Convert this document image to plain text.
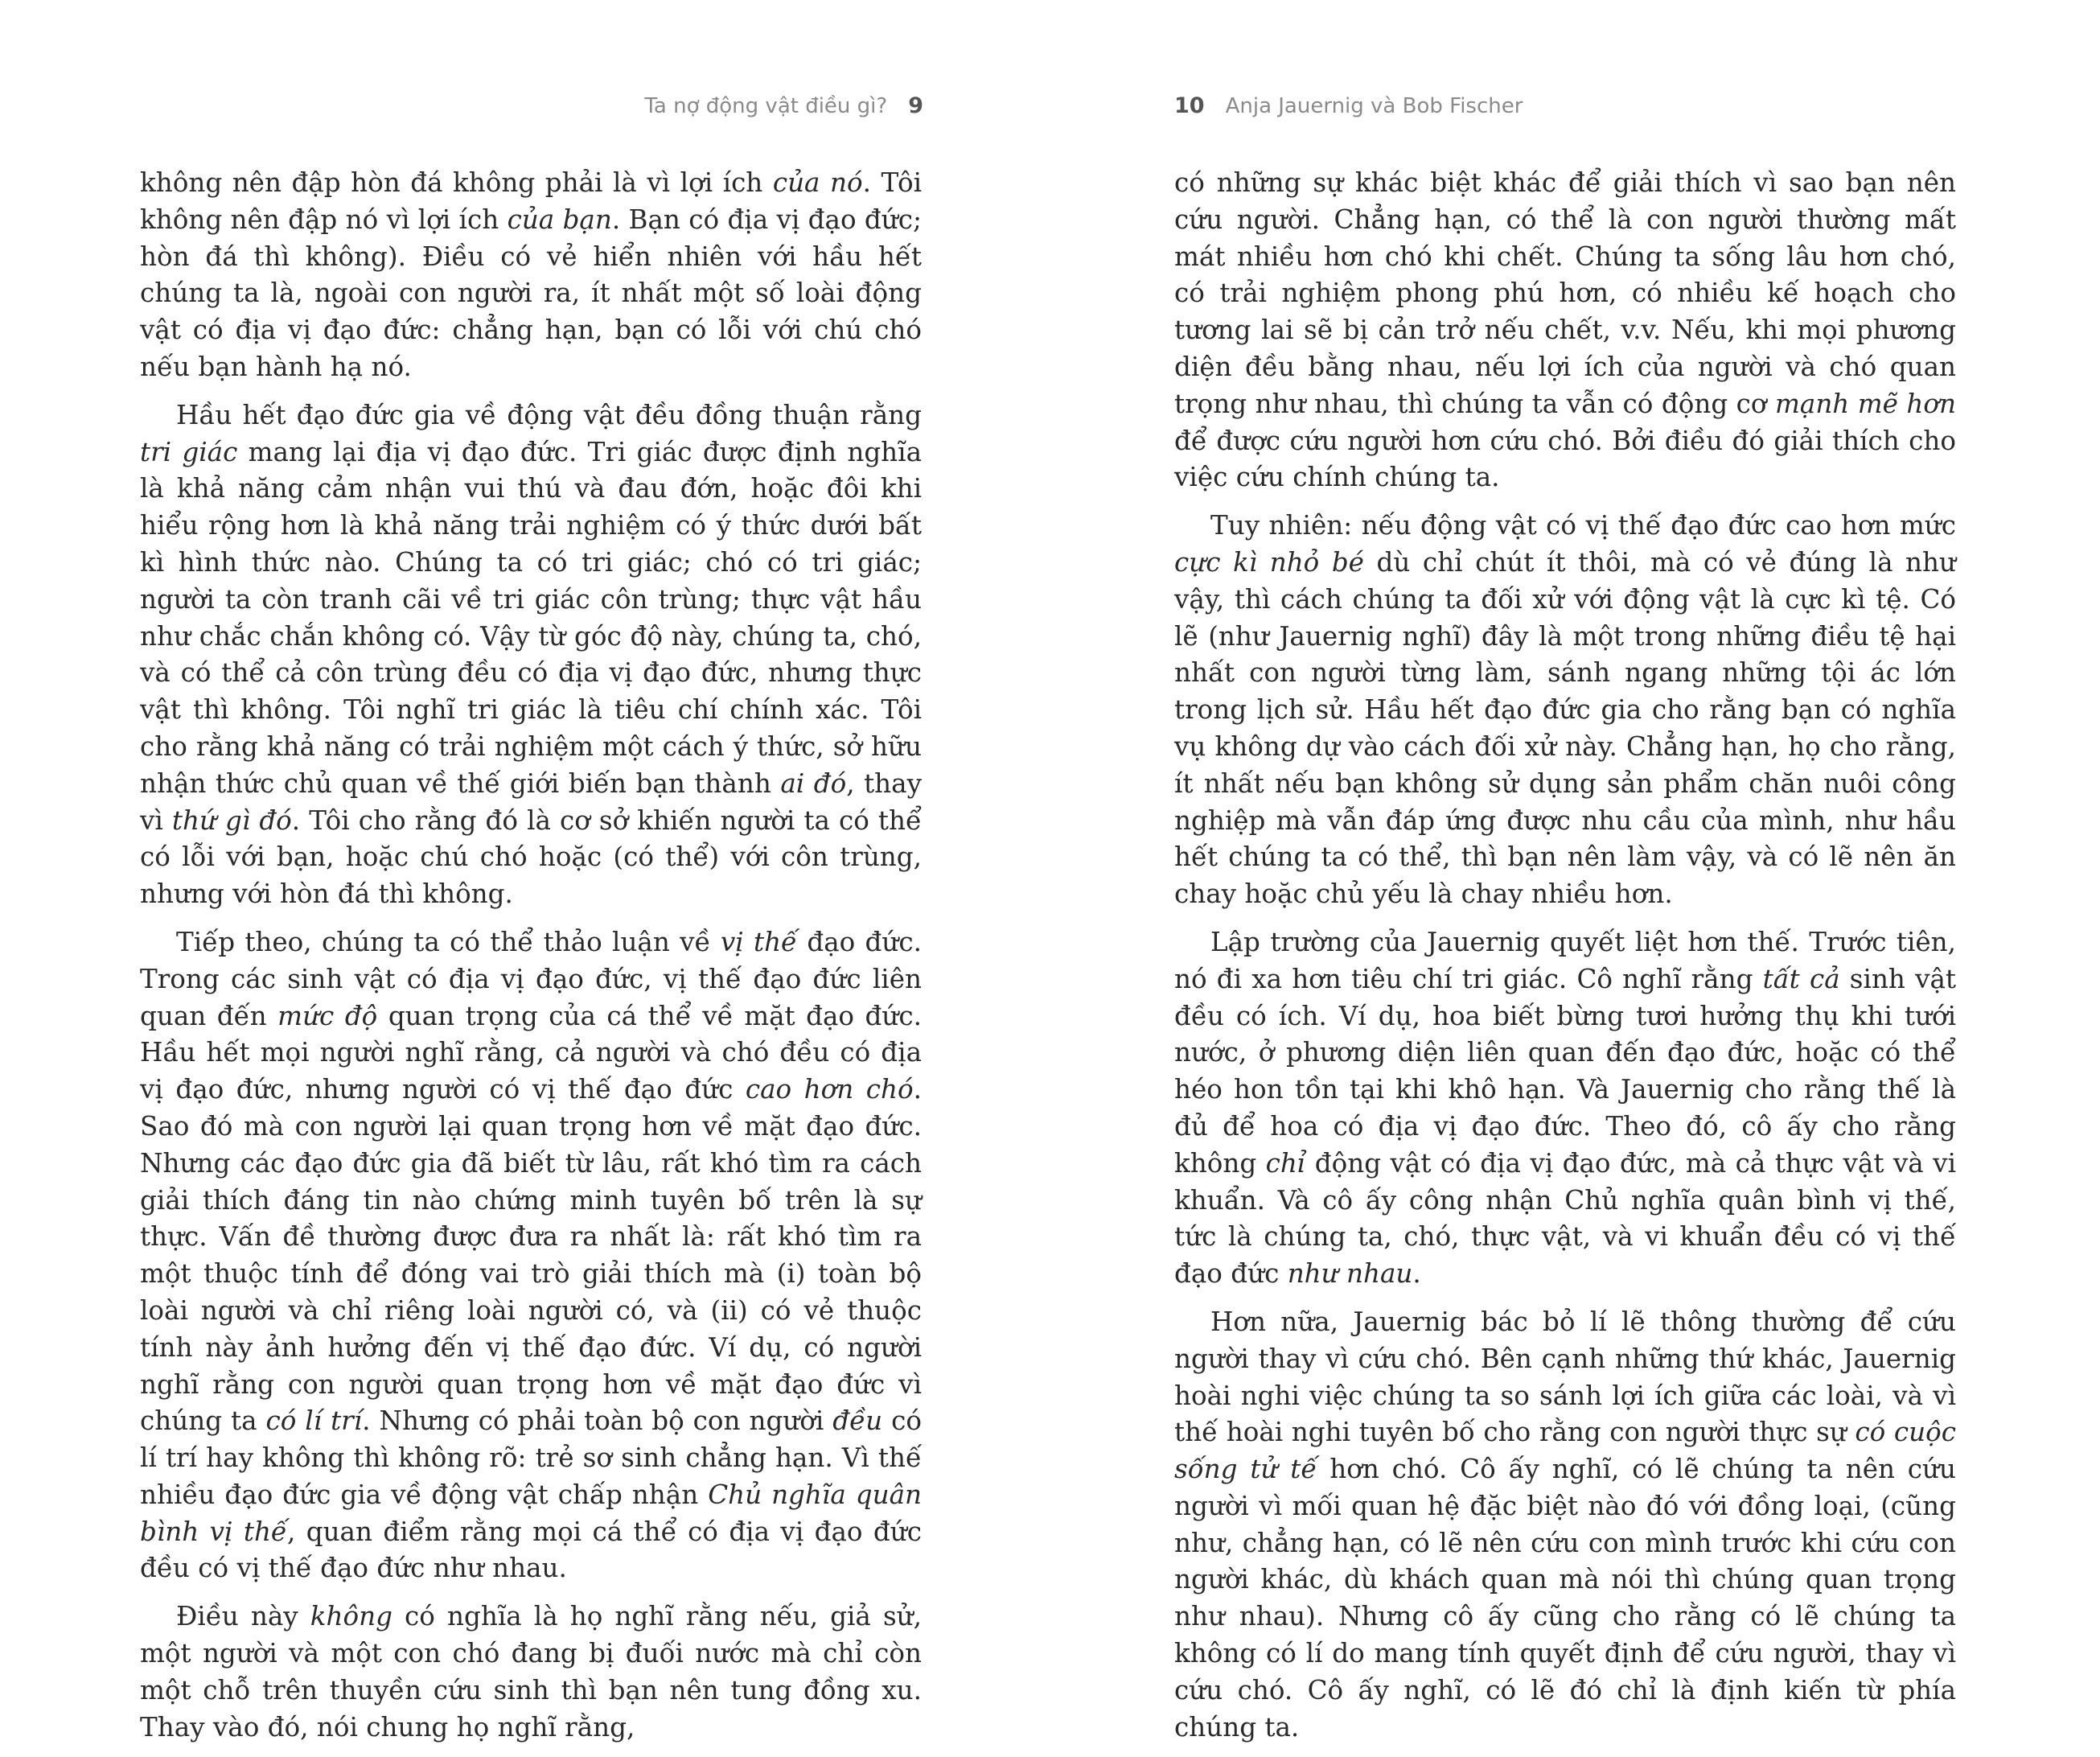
Ta nợ động vật điều gì? 9	10 Anja Jauernig và Bob Fischer

không nên đập hòn đá không phải là vì lợi ích của nó. Tôi không nên đập nó vì lợi ích của bạn. Bạn có địa vị đạo đức; hòn đá thì không). Điều có vẻ hiển nhiên với hầu hết chúng ta là, ngoài con người ra, ít nhất một số loài động vật có địa vị đạo đức: chẳng hạn, bạn có lỗi với chú chó nếu bạn hành hạ nó.

Hầu hết đạo đức gia về động vật đều đồng thuận rằng tri giác mang lại địa vị đạo đức. Tri giác được định nghĩa là khả năng cảm nhận vui thú và đau đớn, hoặc đôi khi hiểu rộng hơn là khả năng trải nghiệm có ý thức dưới bất kì hình thức nào. Chúng ta có tri giác; chó có tri giác; người ta còn tranh cãi về tri giác côn trùng; thực vật hầu như chắc chắn không có. Vậy từ góc độ này, chúng ta, chó, và có thể cả côn trùng đều có địa vị đạo đức, nhưng thực vật thì không. Tôi nghĩ tri giác là tiêu chí chính xác. Tôi cho rằng khả năng có trải nghiệm một cách ý thức, sở hữu nhận thức chủ quan về thế giới biến bạn thành ai đó, thay vì thứ gì đó. Tôi cho rằng đó là cơ sở khiến người ta có thể có lỗi với bạn, hoặc chú chó hoặc (có thể) với côn trùng, nhưng với hòn đá thì không.

Tiếp theo, chúng ta có thể thảo luận về vị thế đạo đức. Trong các sinh vật có địa vị đạo đức, vị thế đạo đức liên quan đến mức độ quan trọng của cá thể về mặt đạo đức. Hầu hết mọi người nghĩ rằng, cả người và chó đều có địa vị đạo đức, nhưng người có vị thế đạo đức cao hơn chó. Sao đó mà con người lại quan trọng hơn về mặt đạo đức. Nhưng các đạo đức gia đã biết từ lâu, rất khó tìm ra cách giải thích đáng tin nào chứng minh tuyên bố trên là sự thực. Vấn đề thường được đưa ra nhất là: rất khó tìm ra một thuộc tính để đóng vai trò giải thích mà (i) toàn bộ loài người và chỉ riêng loài người có, và (ii) có vẻ thuộc tính này ảnh hưởng đến vị thế đạo đức. Ví dụ, có người nghĩ rằng con người quan trọng hơn về mặt đạo đức vì chúng ta có lí trí. Nhưng có phải toàn bộ con người đều có lí trí hay không thì không rõ: trẻ sơ sinh chẳng hạn. Vì thế nhiều đạo đức gia về động vật chấp nhận Chủ nghĩa quân bình vị thế, quan điểm rằng mọi cá thể có địa vị đạo đức đều có vị thế đạo đức như nhau.

Điều này không có nghĩa là họ nghĩ rằng nếu, giả sử, một người và một con chó đang bị đuối nước mà chỉ còn một chỗ trên thuyền cứu sinh thì bạn nên tung đồng xu. Thay vào đó, nói chung họ nghĩ rằng,

có những sự khác biệt khác để giải thích vì sao bạn nên cứu người. Chẳng hạn, có thể là con người thường mất mát nhiều hơn chó khi chết. Chúng ta sống lâu hơn chó, có trải nghiệm phong phú hơn, có nhiều kế hoạch cho tương lai sẽ bị cản trở nếu chết, v.v. Nếu, khi mọi phương diện đều bằng nhau, nếu lợi ích của người và chó quan trọng như nhau, thì chúng ta vẫn có động cơ mạnh mẽ hơn để được cứu người hơn cứu chó. Bởi điều đó giải thích cho việc cứu chính chúng ta.

Tuy nhiên: nếu động vật có vị thế đạo đức cao hơn mức cực kì nhỏ bé dù chỉ chút ít thôi, mà có vẻ đúng là như vậy, thì cách chúng ta đối xử với động vật là cực kì tệ. Có lẽ (như Jauernig nghĩ) đây là một trong những điều tệ hại nhất con người từng làm, sánh ngang những tội ác lớn trong lịch sử. Hầu hết đạo đức gia cho rằng bạn có nghĩa vụ không dự vào cách đối xử này. Chẳng hạn, họ cho rằng, ít nhất nếu bạn không sử dụng sản phẩm chăn nuôi công nghiệp mà vẫn đáp ứng được nhu cầu của mình, như hầu hết chúng ta có thể, thì bạn nên làm vậy, và có lẽ nên ăn chay hoặc chủ yếu là chay nhiều hơn.

Lập trường của Jauernig quyết liệt hơn thế. Trước tiên, nó đi xa hơn tiêu chí tri giác. Cô nghĩ rằng tất cả sinh vật đều có ích. Ví dụ, hoa biết bừng tươi hưởng thụ khi tưới nước, ở phương diện liên quan đến đạo đức, hoặc có thể héo hon tồn tại khi khô hạn. Và Jauernig cho rằng thế là đủ để hoa có địa vị đạo đức. Theo đó, cô ấy cho rằng không chỉ động vật có địa vị đạo đức, mà cả thực vật và vi khuẩn. Và cô ấy công nhận Chủ nghĩa quân bình vị thế, tức là chúng ta, chó, thực vật, và vi khuẩn đều có vị thế đạo đức như nhau.

Hơn nữa, Jauernig bác bỏ lí lẽ thông thường để cứu người thay vì cứu chó. Bên cạnh những thứ khác, Jauernig hoài nghi việc chúng ta so sánh lợi ích giữa các loài, và vì thế hoài nghi tuyên bố cho rằng con người thực sự có cuộc sống tử tế hơn chó. Cô ấy nghĩ, có lẽ chúng ta nên cứu người vì mối quan hệ đặc biệt nào đó với đồng loại, (cũng như, chẳng hạn, có lẽ nên cứu con mình trước khi cứu con người khác, dù khách quan mà nói thì chúng quan trọng như nhau). Nhưng cô ấy cũng cho rằng có lẽ chúng ta không có lí do mang tính quyết định để cứu người, thay vì cứu chó. Cô ấy nghĩ, có lẽ đó chỉ là định kiến từ phía chúng ta.
